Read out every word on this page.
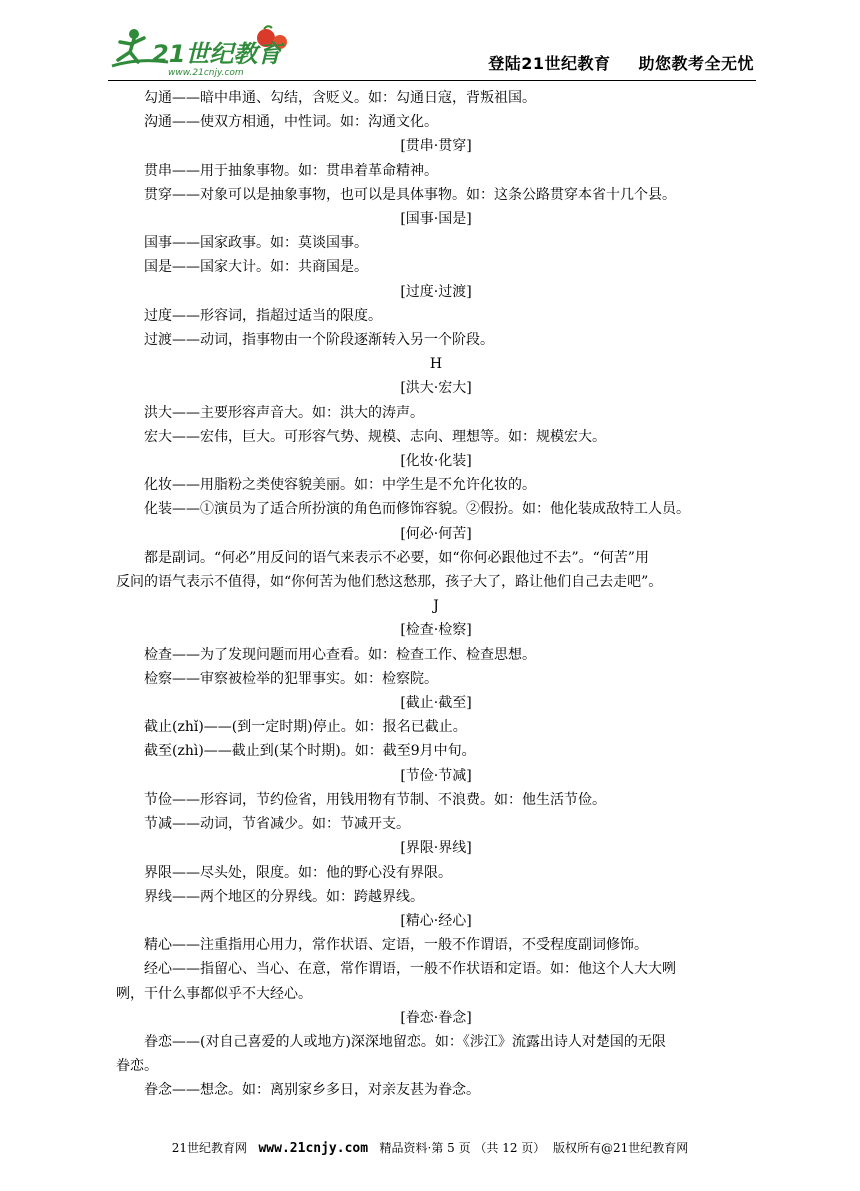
21世纪教育
www.21cnjy.com	登陆21世纪教育 助您教考全无忧

勾通——暗中串通、勾结，含贬义。如：勾通日寇，背叛祖国。

沟通——使双方相通，中性词。如：沟通文化。

[贯串·贯穿]

贯串——用于抽象事物。如：贯串着革命精神。

贯穿——对象可以是抽象事物，也可以是具体事物。如：这条公路贯穿本省十几个县。

[国事·国是]

国事——国家政事。如：莫谈国事。

国是——国家大计。如：共商国是。

[过度·过渡]

过度——形容词，指超过适当的限度。

过渡——动词，指事物由一个阶段逐渐转入另一个阶段。

H

[洪大·宏大]

洪大——主要形容声音大。如：洪大的涛声。

宏大——宏伟，巨大。可形容气势、规模、志向、理想等。如：规模宏大。

[化妆·化装]

化妆——用脂粉之类使容貌美丽。如：中学生是不允许化妆的。

化装——①演员为了适合所扮演的角色而修饰容貌。②假扮。如：他化装成敌特工人员。

[何必·何苦]

都是副词。“何必”用反问的语气来表示不必要，如“你何必跟他过不去”。“何苦”用

反问的语气表示不值得，如“你何苦为他们愁这愁那，孩子大了，路让他们自己去走吧”。

J

[检查·检察]

检查——为了发现问题而用心查看。如：检查工作、检查思想。

检察——审察被检举的犯罪事实。如：检察院。

[截止·截至]

截止(zhǐ)——(到一定时期)停止。如：报名已截止。

截至(zhì)——截止到(某个时期)。如：截至9月中旬。

[节俭·节减]

节俭——形容词，节约俭省，用钱用物有节制、不浪费。如：他生活节俭。

节减——动词，节省减少。如：节减开支。

[界限·界线]

界限——尽头处，限度。如：他的野心没有界限。

界线——两个地区的分界线。如：跨越界线。

[精心·经心]

精心——注重指用心用力，常作状语、定语，一般不作谓语，不受程度副词修饰。

经心——指留心、当心、在意，常作谓语，一般不作状语和定语。如：他这个人大大咧

咧，干什么事都似乎不大经心。

[眷恋·眷念]

眷恋——(对自己喜爱的人或地方)深深地留恋。如：《涉江》流露出诗人对楚国的无限

眷恋。

眷念——想念。如：离别家乡多日，对亲友甚为眷念。

21世纪教育网 www.21cnjy.com 精品资料·第 5 页 （共 12 页） 版权所有@21世纪教育网
